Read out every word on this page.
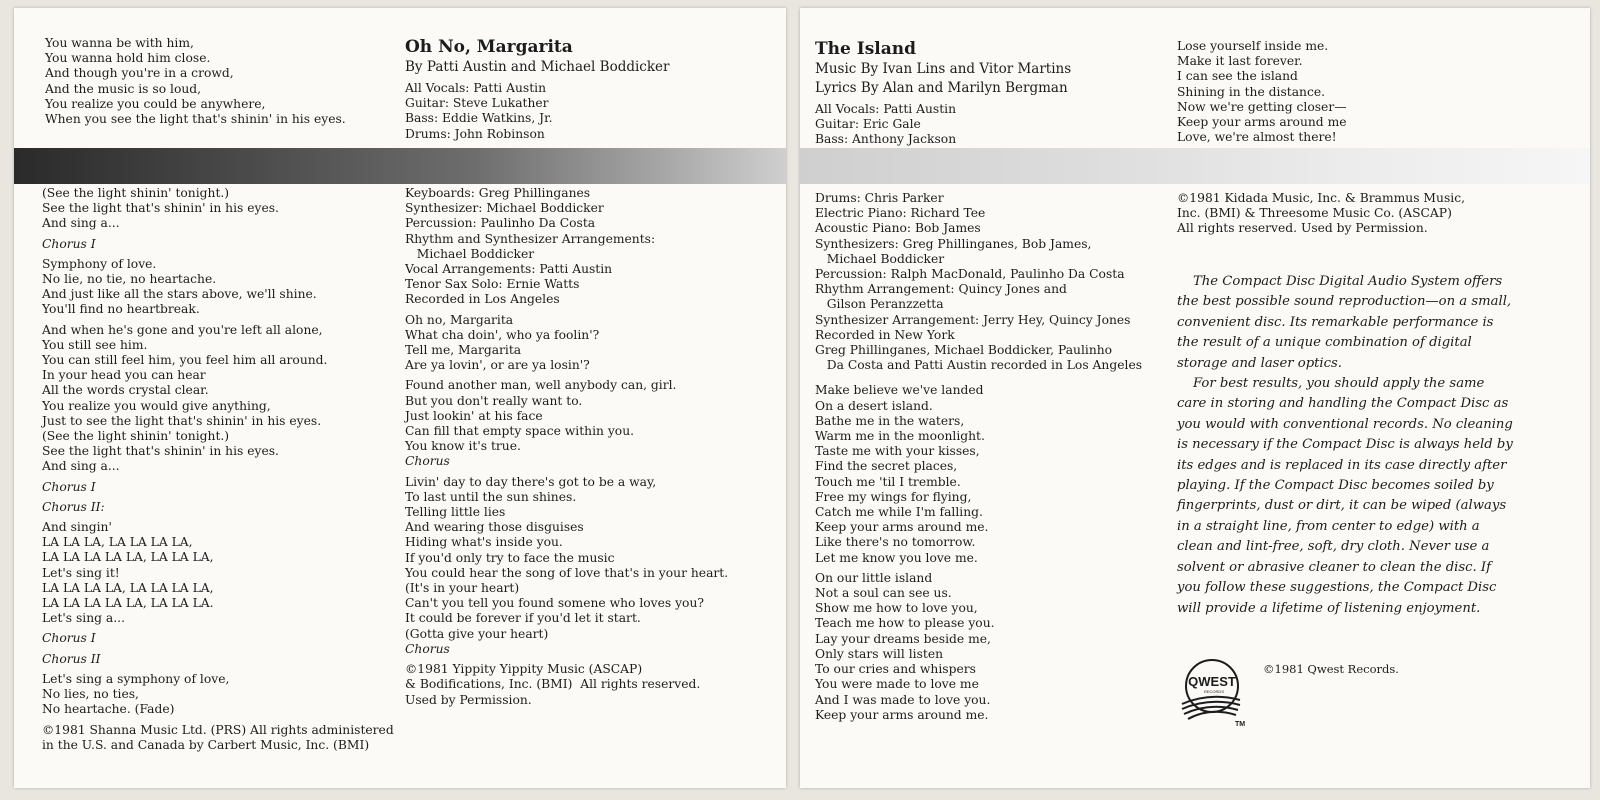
You wanna be with him,
You wanna hold him close.
And though you're in a crowd,
And the music is so loud,
You realize you could be anywhere,
When you see the light that's shinin' in his eyes.
(See the light shinin' tonight.)
See the light that's shinin' in his eyes.
And sing a...
Chorus I
Symphony of love.
No lie, no tie, no heartache.
And just like all the stars above, we'll shine.
You'll find no heartbreak.
And when he's gone and you're left all alone,
You still see him.
You can still feel him, you feel him all around.
In your head you can hear
All the words crystal clear.
You realize you would give anything,
Just to see the light that's shinin' in his eyes.
(See the light shinin' tonight.)
See the light that's shinin' in his eyes.
And sing a...
Chorus I
Chorus II:
And singin'
LA LA LA, LA LA LA LA,
LA LA LA LA LA, LA LA LA,
Let's sing it!
LA LA LA LA, LA LA LA LA,
LA LA LA LA LA, LA LA LA.
Let's sing a...
Chorus I
Chorus II
Let's sing a symphony of love,
No lies, no ties,
No heartache. (Fade)
©1981 Shanna Music Ltd. (PRS) All rights administered
in the U.S. and Canada by Carbert Music, Inc. (BMI)
Oh No, Margarita
By Patti Austin and Michael Boddicker
All Vocals: Patti Austin
Guitar: Steve Lukather
Bass: Eddie Watkins, Jr.
Drums: John Robinson
Keyboards: Greg Phillinganes
Synthesizer: Michael Boddicker
Percussion: Paulinho Da Costa
Rhythm and Synthesizer Arrangements:
Michael Boddicker
Vocal Arrangements: Patti Austin
Tenor Sax Solo: Ernie Watts
Recorded in Los Angeles
Oh no, Margarita
What cha doin', who ya foolin'?
Tell me, Margarita
Are ya lovin', or are ya losin'?
Found another man, well anybody can, girl.
But you don't really want to.
Just lookin' at his face
Can fill that empty space within you.
You know it's true.
Chorus
Livin' day to day there's got to be a way,
To last until the sun shines.
Telling little lies
And wearing those disguises
Hiding what's inside you.
If you'd only try to face the music
You could hear the song of love that's in your heart.
(It's in your heart)
Can't you tell you found somene who loves you?
It could be forever if you'd let it start.
(Gotta give your heart)
Chorus
©1981 Yippity Yippity Music (ASCAP)
& Bodifications, Inc. (BMI)  All rights reserved.
Used by Permission.
The Island
Music By Ivan Lins and Vitor Martins
Lyrics By Alan and Marilyn Bergman
All Vocals: Patti Austin
Guitar: Eric Gale
Bass: Anthony Jackson
Drums: Chris Parker
Electric Piano: Richard Tee
Acoustic Piano: Bob James
Synthesizers: Greg Phillinganes, Bob James,
Michael Boddicker
Percussion: Ralph MacDonald, Paulinho Da Costa
Rhythm Arrangement: Quincy Jones and
Gilson Peranzzetta
Synthesizer Arrangement: Jerry Hey, Quincy Jones
Recorded in New York
Greg Phillinganes, Michael Boddicker, Paulinho
Da Costa and Patti Austin recorded in Los Angeles
Make believe we've landed
On a desert island.
Bathe me in the waters,
Warm me in the moonlight.
Taste me with your kisses,
Find the secret places,
Touch me 'til I tremble.
Free my wings for flying,
Catch me while I'm falling.
Keep your arms around me.
Like there's no tomorrow.
Let me know you love me.
On our little island
Not a soul can see us.
Show me how to love you,
Teach me how to please you.
Lay your dreams beside me,
Only stars will listen
To our cries and whispers
You were made to love me
And I was made to love you.
Keep your arms around me.
Lose yourself inside me.
Make it last forever.
I can see the island
Shining in the distance.
Now we're getting closer—
Keep your arms around me
Love, we're almost there!
©1981 Kidada Music, Inc. & Brammus Music,
Inc. (BMI) & Threesome Music Co. (ASCAP)
All rights reserved. Used by Permission.

The Compact Disc Digital Audio System offers the best possible sound reproduction—on a small, convenient disc. Its remarkable performance is the result of a unique combination of digital storage and laser optics.

For best results, you should apply the same care in storing and handling the Compact Disc as you would with conventional records. No cleaning is necessary if the Compact Disc is always held by its edges and is replaced in its case directly after playing. If the Compact Disc becomes soiled by fingerprints, dust or dirt, it can be wiped (always in a straight line, from center to edge) with a clean and lint-free, soft, dry cloth. Never use a solvent or abrasive cleaner to clean the disc. If you follow these suggestions, the Compact Disc will provide a lifetime of listening enjoyment.

QWEST
RECORDS
TM
©1981 Qwest Records.
